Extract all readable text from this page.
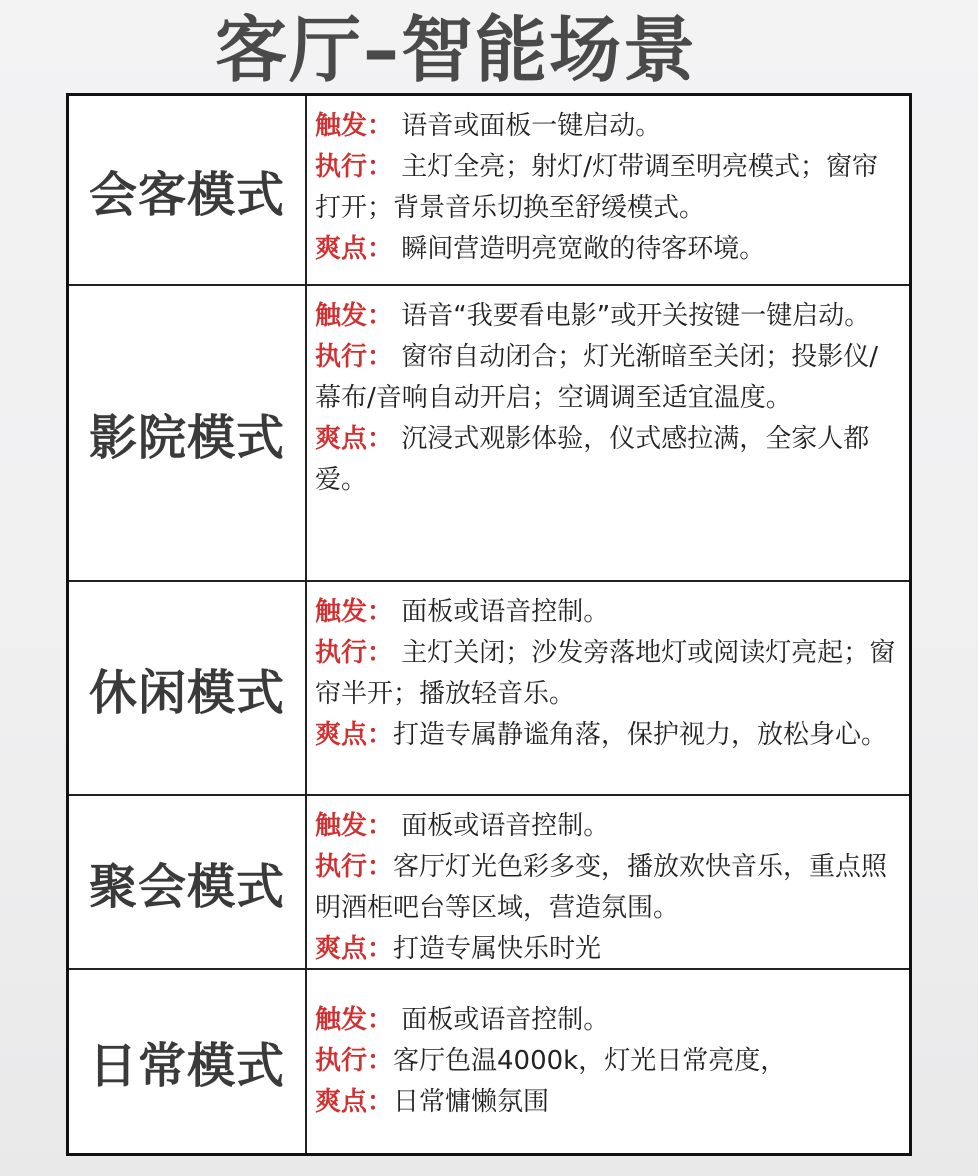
客厅–智能场景
会客模式
触发： 语音或面板一键启动。
执行： 主灯全亮；射灯/灯带调至明亮模式；窗帘打开；背景音乐切换至舒缓模式。
爽点： 瞬间营造明亮宽敞的待客环境。
影院模式
触发： 语音“我要看电影”或开关按键一键启动。
执行： 窗帘自动闭合；灯光渐暗至关闭；投影仪/幕布/音响自动开启；空调调至适宜温度。
爽点： 沉浸式观影体验，仪式感拉满，全家人都爱。
休闲模式
触发： 面板或语音控制。
执行： 主灯关闭；沙发旁落地灯或阅读灯亮起；窗帘半开；播放轻音乐。
爽点：打造专属静谧角落，保护视力，放松身心。
聚会模式
触发： 面板或语音控制。
执行：客厅灯光色彩多变，播放欢快音乐，重点照明酒柜吧台等区域，营造氛围。
爽点：打造专属快乐时光
日常模式
触发： 面板或语音控制。
执行：客厅色温4000k，灯光日常亮度，
爽点：日常慵懒氛围
